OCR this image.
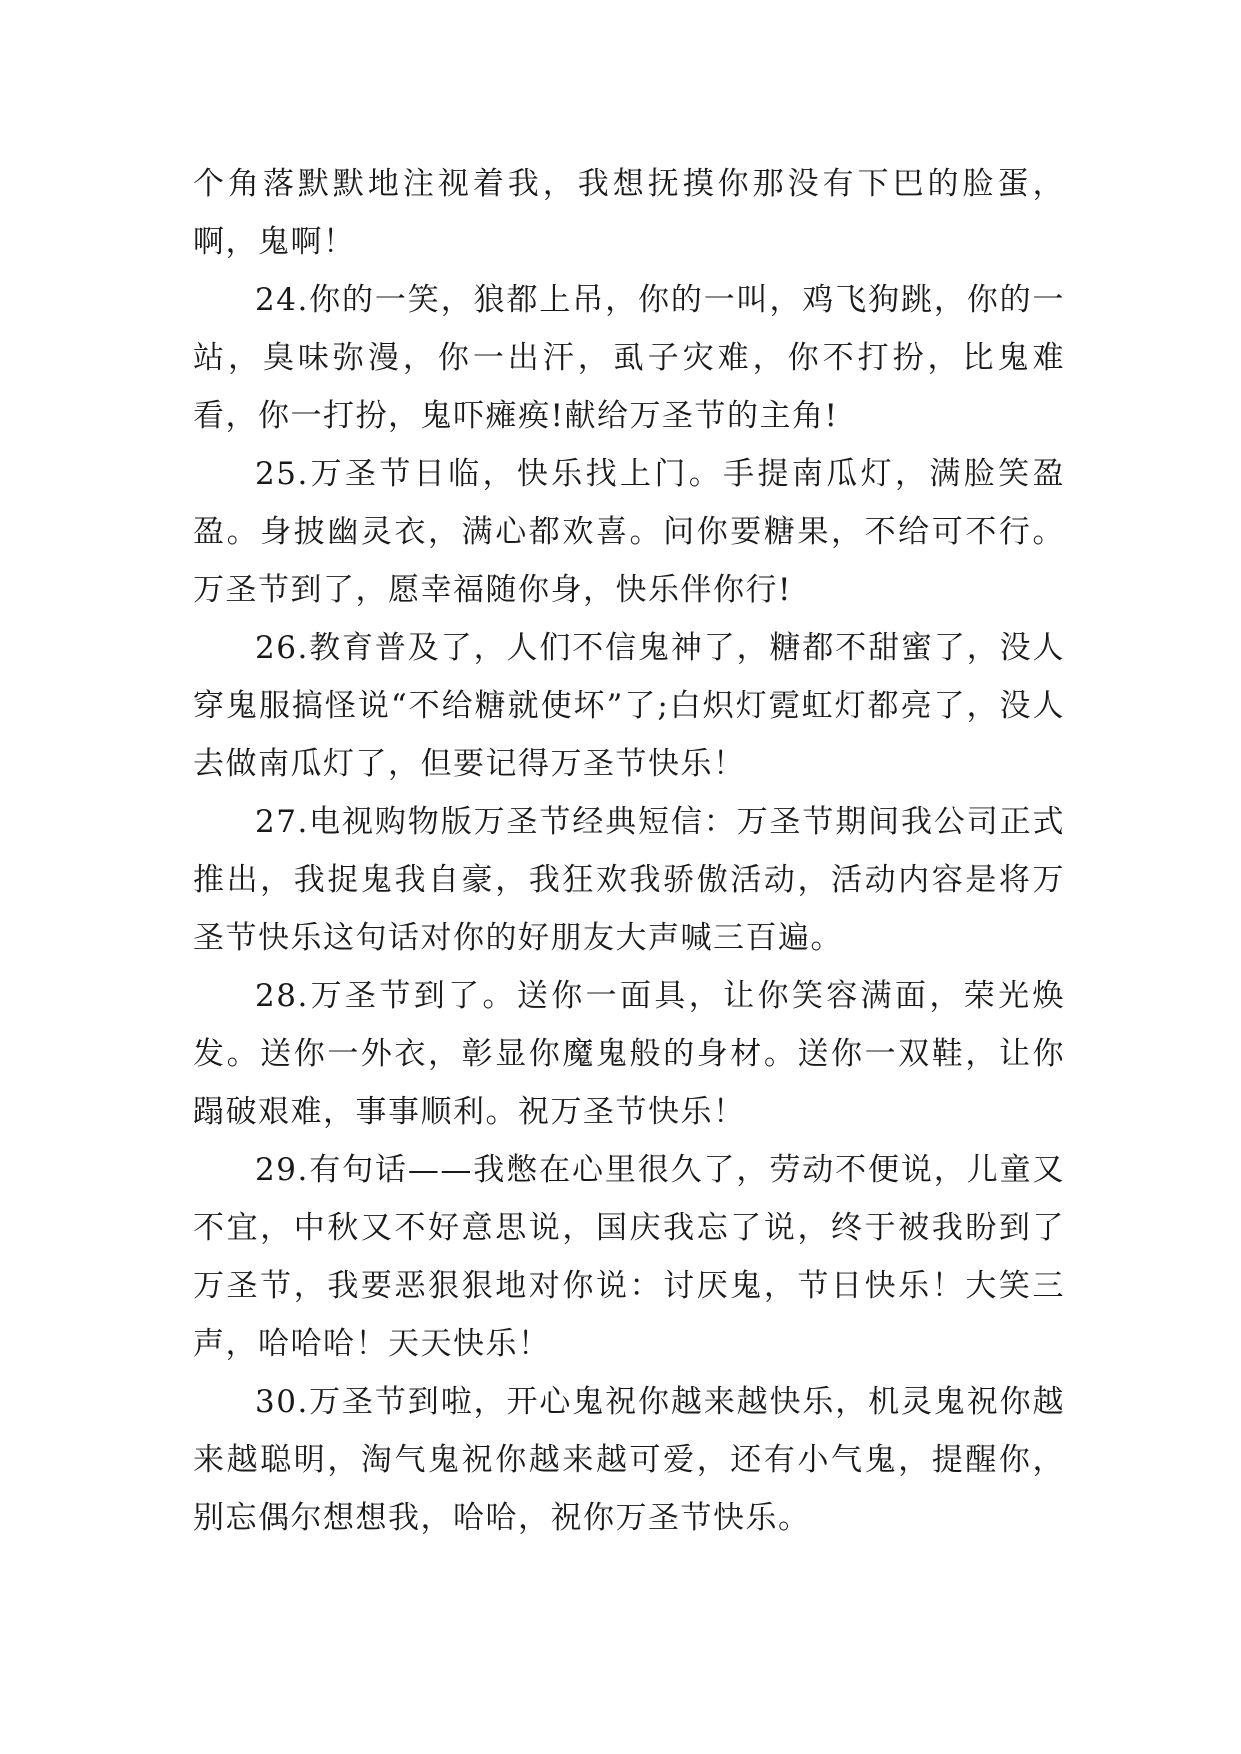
个角落默默地注视着我，我想抚摸你那没有下巴的脸蛋，啊，鬼啊！

24.你的一笑，狼都上吊，你的一叫，鸡飞狗跳，你的一站，臭味弥漫，你一出汗，虱子灾难，你不打扮，比鬼难看，你一打扮，鬼吓瘫痪!献给万圣节的主角!

25.万圣节日临，快乐找上门。手提南瓜灯，满脸笑盈盈。身披幽灵衣，满心都欢喜。问你要糖果，不给可不行。万圣节到了，愿幸福随你身，快乐伴你行!

26.教育普及了，人们不信鬼神了，糖都不甜蜜了，没人穿鬼服搞怪说“不给糖就使坏”了;白炽灯霓虹灯都亮了，没人去做南瓜灯了，但要记得万圣节快乐！

27.电视购物版万圣节经典短信：万圣节期间我公司正式推出，我捉鬼我自豪，我狂欢我骄傲活动，活动内容是将万圣节快乐这句话对你的好朋友大声喊三百遍。

28.万圣节到了。送你一面具，让你笑容满面，荣光焕发。送你一外衣，彰显你魔鬼般的身材。送你一双鞋，让你蹋破艰难，事事顺利。祝万圣节快乐！

29.有句话——我憋在心里很久了，劳动不便说，儿童又不宜，中秋又不好意思说，国庆我忘了说，终于被我盼到了万圣节，我要恶狠狠地对你说：讨厌鬼，节日快乐！大笑三声，哈哈哈！天天快乐！

30.万圣节到啦，开心鬼祝你越来越快乐，机灵鬼祝你越来越聪明，淘气鬼祝你越来越可爱，还有小气鬼，提醒你，别忘偶尔想想我，哈哈，祝你万圣节快乐。
